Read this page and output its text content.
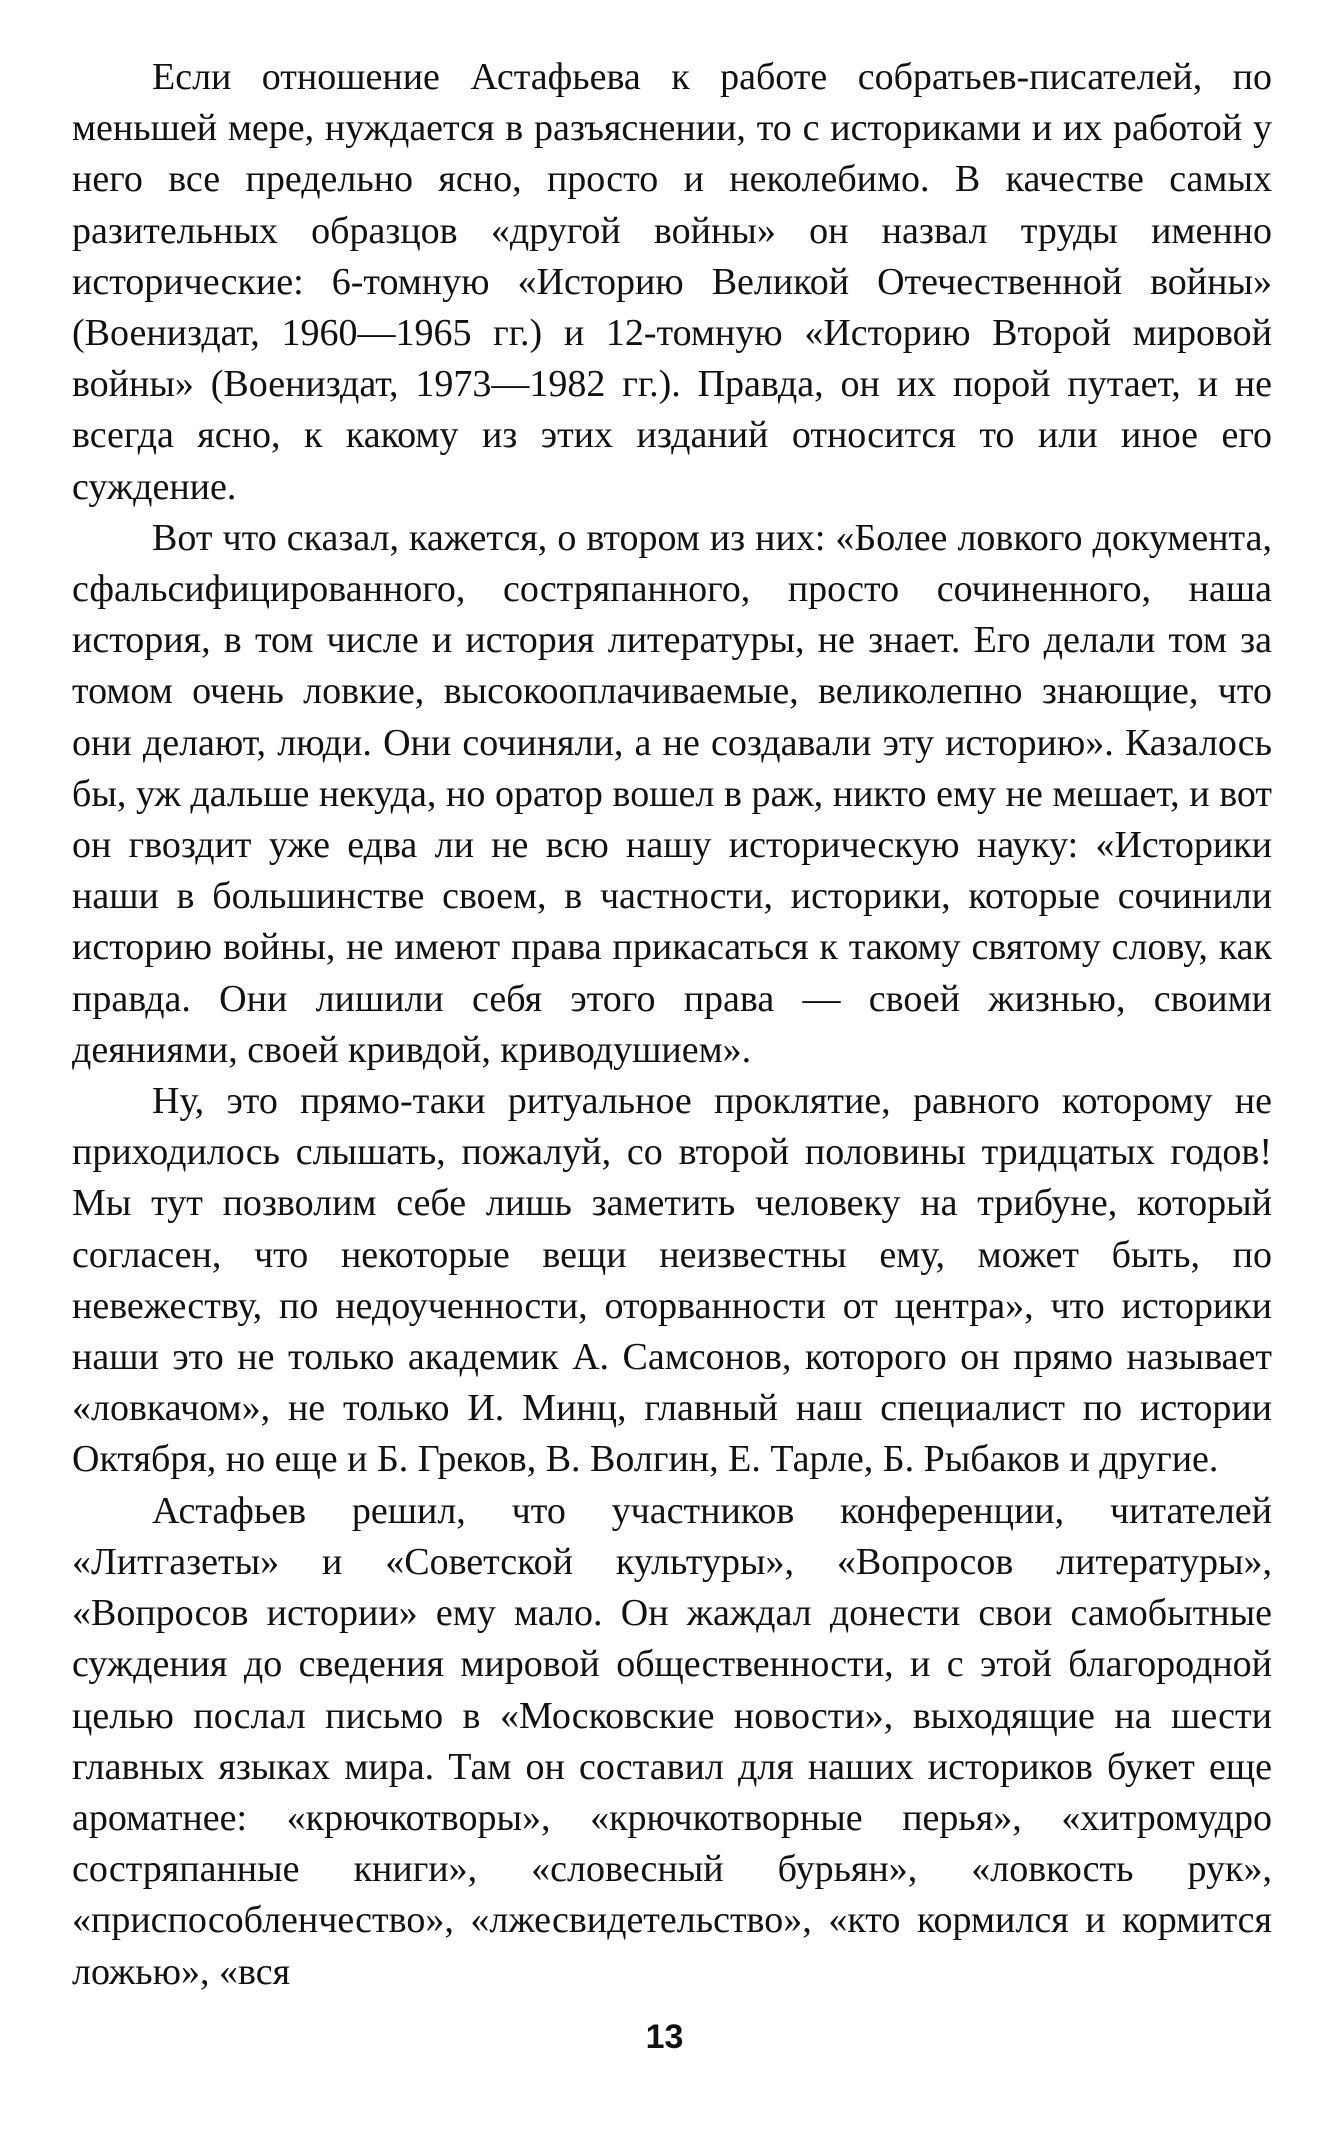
Если отношение Астафьева к работе собратьев-писателей, по меньшей мере, нуждается в разъяснении, то с историками и их работой у него все предельно ясно, просто и неколебимо. В качестве самых разительных образцов «другой войны» он назвал труды именно исторические: 6-томную «Историю Великой Отечественной войны» (Воениздат, 1960—1965 гг.) и 12-томную «Историю Второй мировой войны» (Воениздат, 1973—1982 гг.). Правда, он их порой путает, и не всегда ясно, к какому из этих изданий относится то или иное его суждение.

Вот что сказал, кажется, о втором из них: «Более ловкого документа, сфальсифицированного, состряпанного, просто сочиненного, наша история, в том числе и история литературы, не знает. Его делали том за томом очень ловкие, высокооплачиваемые, великолепно знающие, что они делают, люди. Они сочиняли, а не создавали эту историю». Казалось бы, уж дальше некуда, но оратор вошел в раж, никто ему не мешает, и вот он гвоздит уже едва ли не всю нашу историческую науку: «Историки наши в большинстве своем, в частности, историки, которые сочинили историю войны, не имеют права прикасаться к такому святому слову, как правда. Они лишили себя этого права — своей жизнью, своими деяниями, своей кривдой, криводушием».

Ну, это прямо-таки ритуальное проклятие, равного которому не приходилось слышать, пожалуй, со второй половины тридцатых годов! Мы тут позволим себе лишь заметить человеку на трибуне, который согласен, что некоторые вещи неизвестны ему, может быть, по невежеству, по недоученности, оторванности от центра», что историки наши это не только академик А. Самсонов, которого он прямо называет «ловкачом», не только И. Минц, главный наш специалист по истории Октября, но еще и Б. Греков, В. Волгин, Е. Тарле, Б. Рыбаков и другие.

Астафьев решил, что участников конференции, читателей «Литгазеты» и «Советской культуры», «Вопросов литературы», «Вопросов истории» ему мало. Он жаждал донести свои самобытные суждения до сведения мировой общественности, и с этой благородной целью послал письмо в «Московские новости», выходящие на шести главных языках мира. Там он составил для наших историков букет еще ароматнее: «крючкотворы», «крючкотворные перья», «хитромудро состряпанные книги», «словесный бурьян», «ловкость рук», «приспособленчество», «лжесвидетельство», «кто кормился и кормится ложью», «вся

13
